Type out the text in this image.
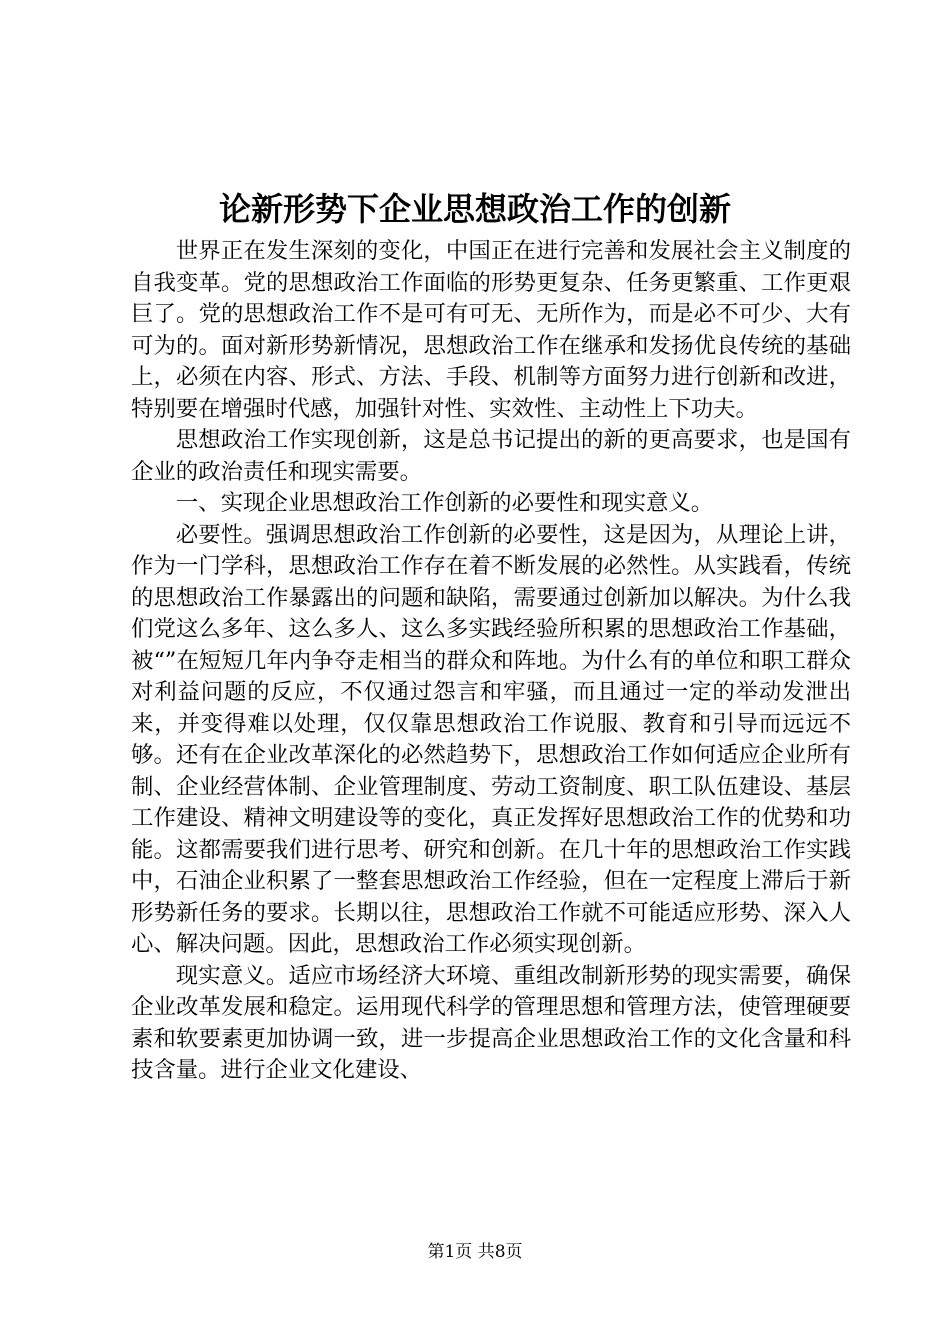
论新形势下企业思想政治工作的创新

世界正在发生深刻的变化，中国正在进行完善和发展社会主义制度的自我变革。党的思想政治工作面临的形势更复杂、任务更繁重、工作更艰巨了。党的思想政治工作不是可有可无、无所作为，而是必不可少、大有可为的。面对新形势新情况，思想政治工作在继承和发扬优良传统的基础上，必须在内容、形式、方法、手段、机制等方面努力进行创新和改进，特别要在增强时代感，加强针对性、实效性、主动性上下功夫。

思想政治工作实现创新，这是总书记提出的新的更高要求，也是国有企业的政治责任和现实需要。

一、实现企业思想政治工作创新的必要性和现实意义。

必要性。强调思想政治工作创新的必要性，这是因为，从理论上讲，作为一门学科，思想政治工作存在着不断发展的必然性。从实践看，传统的思想政治工作暴露出的问题和缺陷，需要通过创新加以解决。为什么我们党这么多年、这么多人、这么多实践经验所积累的思想政治工作基础，被“”在短短几年内争夺走相当的群众和阵地。为什么有的单位和职工群众对利益问题的反应，不仅通过怨言和牢骚，而且通过一定的举动发泄出来，并变得难以处理，仅仅靠思想政治工作说服、教育和引导而远远不够。还有在企业改革深化的必然趋势下，思想政治工作如何适应企业所有制、企业经营体制、企业管理制度、劳动工资制度、职工队伍建设、基层工作建设、精神文明建设等的变化，真正发挥好思想政治工作的优势和功能。这都需要我们进行思考、研究和创新。在几十年的思想政治工作实践中，石油企业积累了一整套思想政治工作经验，但在一定程度上滞后于新形势新任务的要求。长期以往，思想政治工作就不可能适应形势、深入人心、解决问题。因此，思想政治工作必须实现创新。

现实意义。适应市场经济大环境、重组改制新形势的现实需要，确保企业改革发展和稳定。运用现代科学的管理思想和管理方法，使管理硬要素和软要素更加协调一致，进一步提高企业思想政治工作的文化含量和科技含量。进行企业文化建设、

第1页 共8页
